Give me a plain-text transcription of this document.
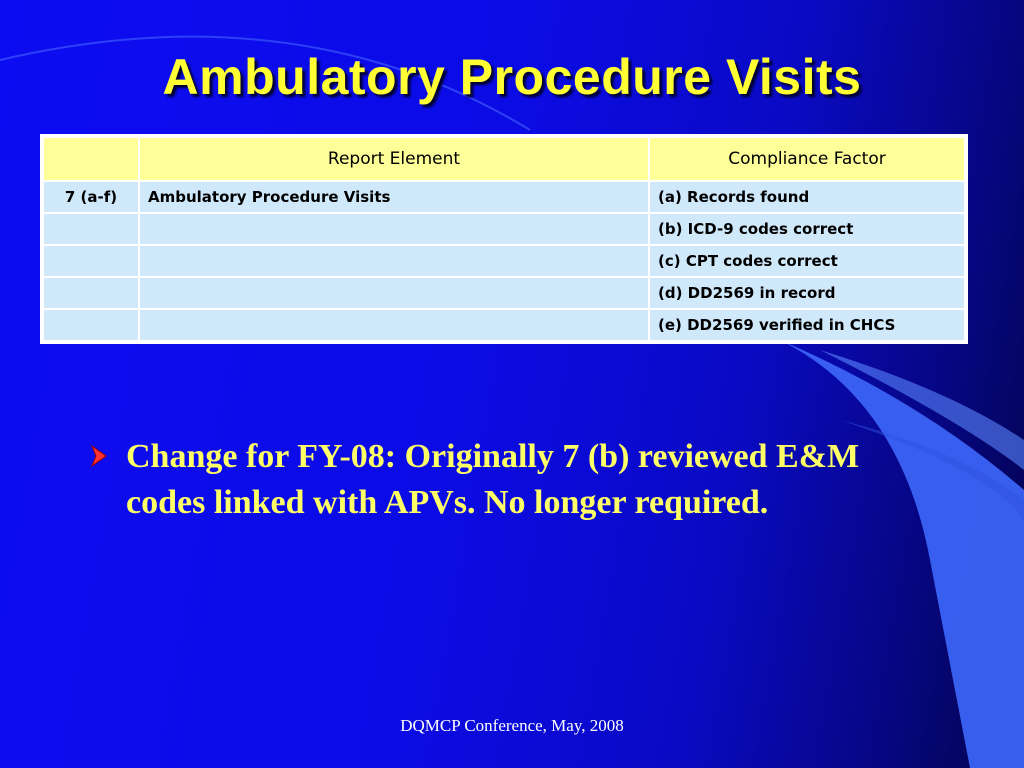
Ambulatory Procedure Visits
	Report Element	Compliance Factor
7 (a-f)	Ambulatory Procedure Visits	(a) Records found
		(b) ICD-9 codes correct
		(c) CPT codes correct
		(d) DD2569 in record
		(e) DD2569 verified in CHCS
Change for FY-08: Originally 7 (b) reviewed E&M codes linked with APVs. No longer required.
DQMCP Conference, May, 2008
